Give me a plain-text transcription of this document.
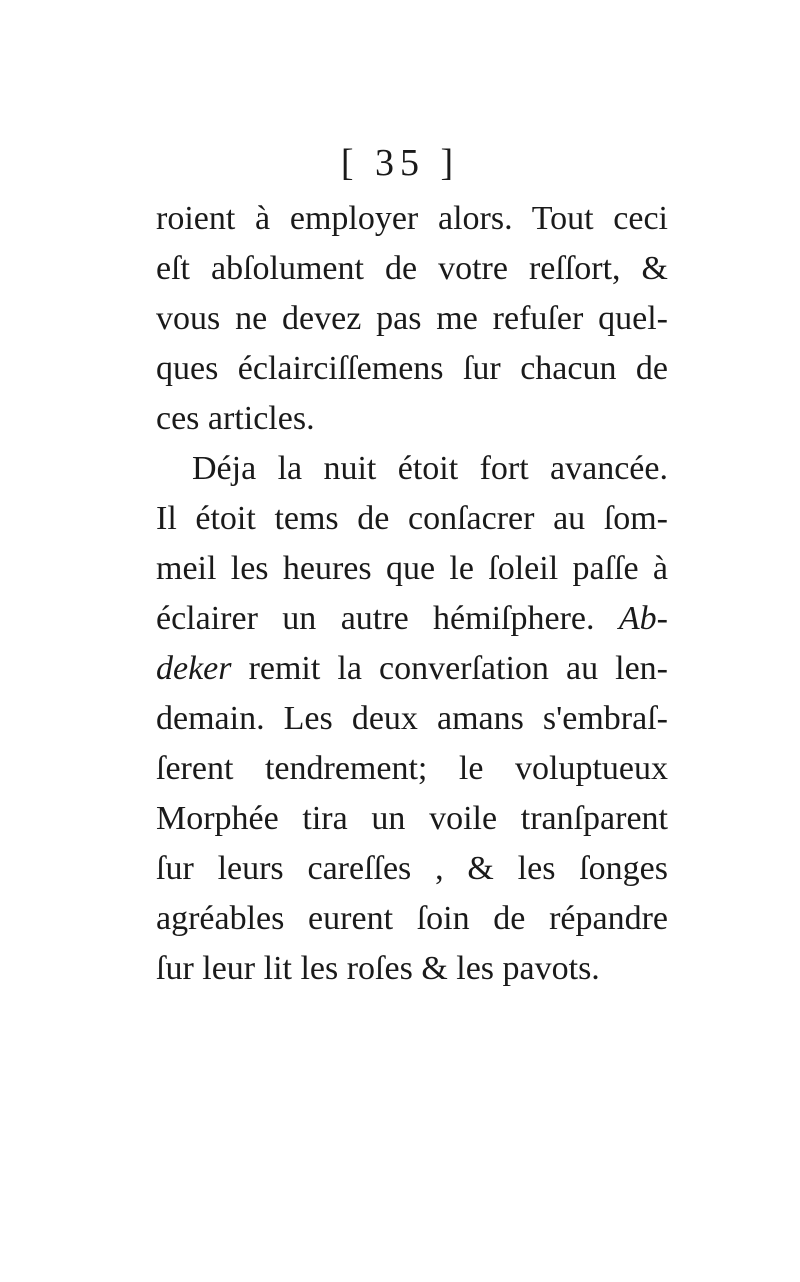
[ 35 ]
roient à employer alors. Tout ceci
eſt abſolument de votre reſſort, &
vous ne devez pas me refuſer quel-
ques éclairciſſemens ſur chacun de
ces articles.
Déja la nuit étoit fort avancée.
Il étoit tems de conſacrer au ſom-
meil les heures que le ſoleil paſſe à
éclairer un autre hémiſphere. Ab-
deker remit la converſation au len-
demain. Les deux amans s'embraſ-
ſerent tendrement; le voluptueux
Morphée tira un voile tranſparent
ſur leurs careſſes , & les ſonges
agréables eurent ſoin de répandre
ſur leur lit les roſes & les pavots.
